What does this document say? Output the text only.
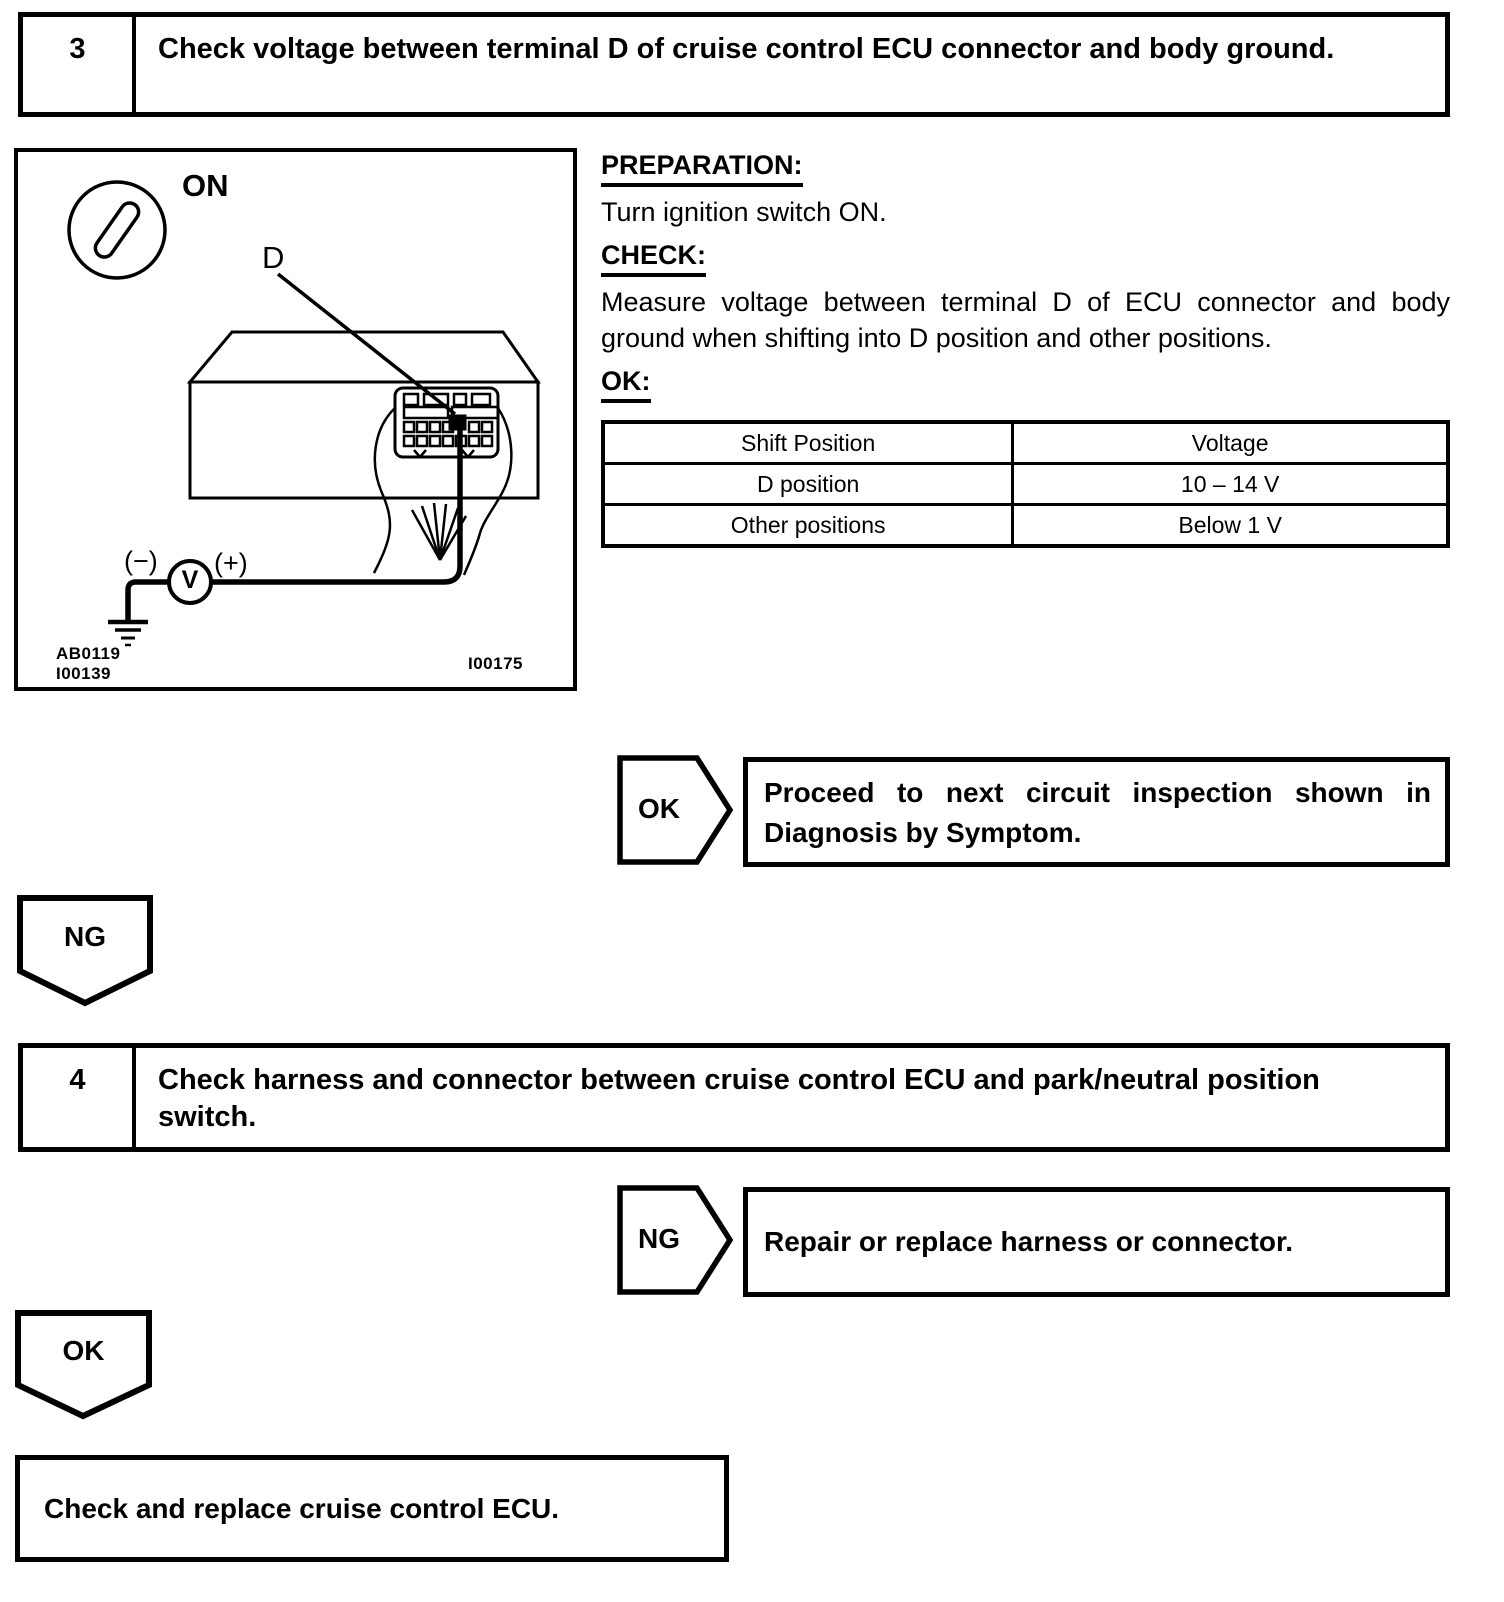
3	Check voltage between terminal D of cruise control ECU connector and body ground.
ON
D
(−) (+)
V
AB0119
I00139
I00175
PREPARATION:

Turn ignition switch ON.

CHECK:

Measure voltage between terminal D of ECU connector and body ground when shifting into D position and other positions.

OK:
Shift Position	Voltage
D position	10 – 14 V
Other positions	Below 1 V
OK
Proceed to next circuit inspection shown in Diagnosis by Symptom.
NG
4	Check harness and connector between cruise control ECU and park/neutral position switch.
NG	Repair or replace harness or connector.
OK
Check and replace cruise control ECU.
